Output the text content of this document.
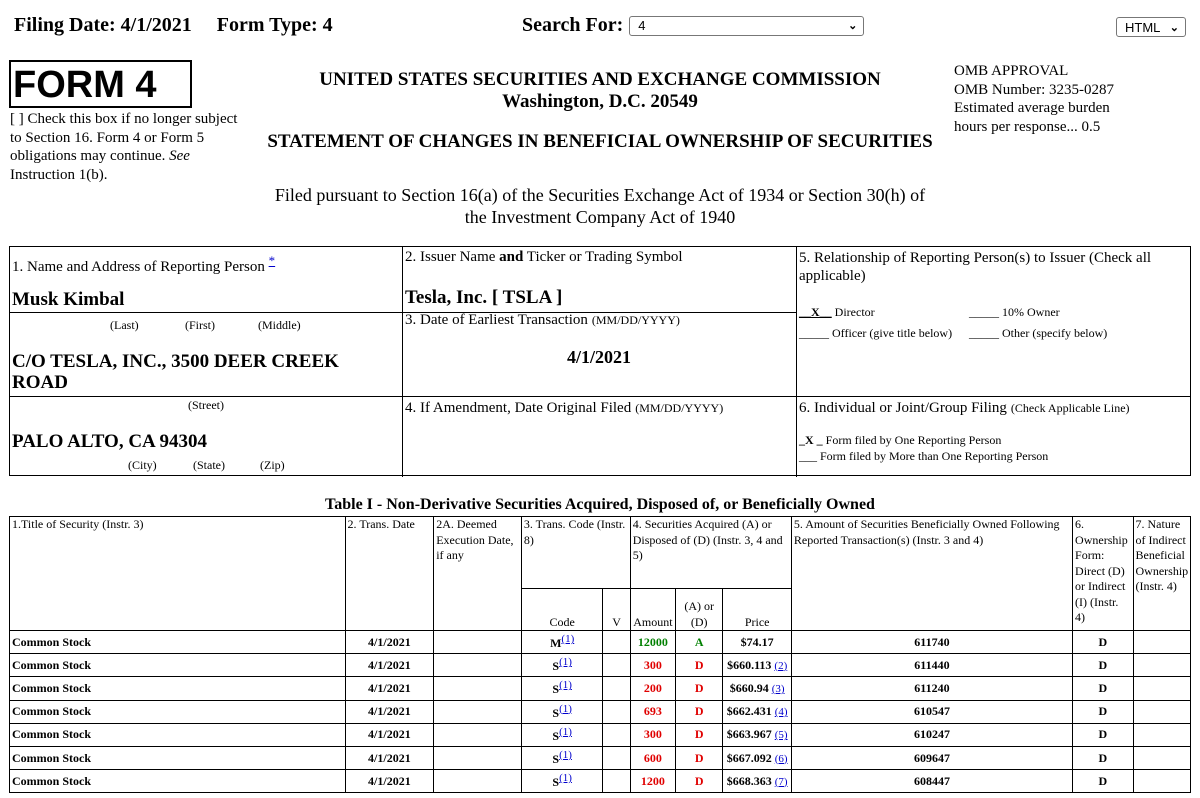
Filing Date: 4/1/2021 Form Type: 4	Search For: 4	⌄	HTML ⌄
FORM 4
[ ] Check this box if no longer subject to Section 16. Form 4 or Form 5 obligations may continue. See Instruction 1(b).
UNITED STATES SECURITIES AND EXCHANGE COMMISSION
Washington, D.C. 20549
STATEMENT OF CHANGES IN BENEFICIAL OWNERSHIP OF SECURITIES
OMB APPROVAL
OMB Number: 3235-0287
Estimated average burden
hours per response... 0.5
Filed pursuant to Section 16(a) of the Securities Exchange Act of 1934 or Section 30(h) of
the Investment Company Act of 1940
1. Name and Address of Reporting Person *
Musk Kimbal
(Last)	(First)	(Middle)
C/O TESLA, INC., 3500 DEER CREEK ROAD
(Street)
PALO ALTO, CA 94304
(City)	(State)	(Zip)
2. Issuer Name and Ticker or Trading Symbol
Tesla, Inc. [ TSLA ]
3. Date of Earliest Transaction (MM/DD/YYYY)
4/1/2021
4. If Amendment, Date Original Filed (MM/DD/YYYY)
5. Relationship of Reporting Person(s) to Issuer (Check all applicable)
__X__ Director	_____ 10% Owner
_____ Officer (give title below) _____ Other (specify below)
6. Individual or Joint/Group Filing (Check Applicable Line)
_X _ Form filed by One Reporting Person
___ Form filed by More than One Reporting Person
Table I - Non-Derivative Securities Acquired, Disposed of, or Beneficially Owned
1.Title of Security (Instr. 3)	2. Trans. Date	2A. Deemed Execution Date, if any	3. Trans. Code (Instr. 8)		4. Securities Acquired (A) or Disposed of (D) (Instr. 3, 4 and 5)			5. Amount of Securities Beneficially Owned Following Reported Transaction(s) (Instr. 3 and 4)	6. Ownership Form: Direct (D) or Indirect (I) (Instr. 4)	7. Nature of Indirect Beneficial Ownership (Instr. 4)
			Code	V	Amount	(A) or (D)	Price			
Common Stock	4/1/2021		M(1)		12000	A	$74.17	611740	D	
Common Stock	4/1/2021		S(1)		300	D	$660.113 (2)	611440	D	
Common Stock	4/1/2021		S(1)		200	D	$660.94 (3)	611240	D	
Common Stock	4/1/2021		S(1)		693	D	$662.431 (4)	610547	D	
Common Stock	4/1/2021		S(1)		300	D	$663.967 (5)	610247	D	
Common Stock	4/1/2021		S(1)		600	D	$667.092 (6)	609647	D	
Common Stock	4/1/2021		S(1)		1200	D	$668.363 (7)	608447	D	
